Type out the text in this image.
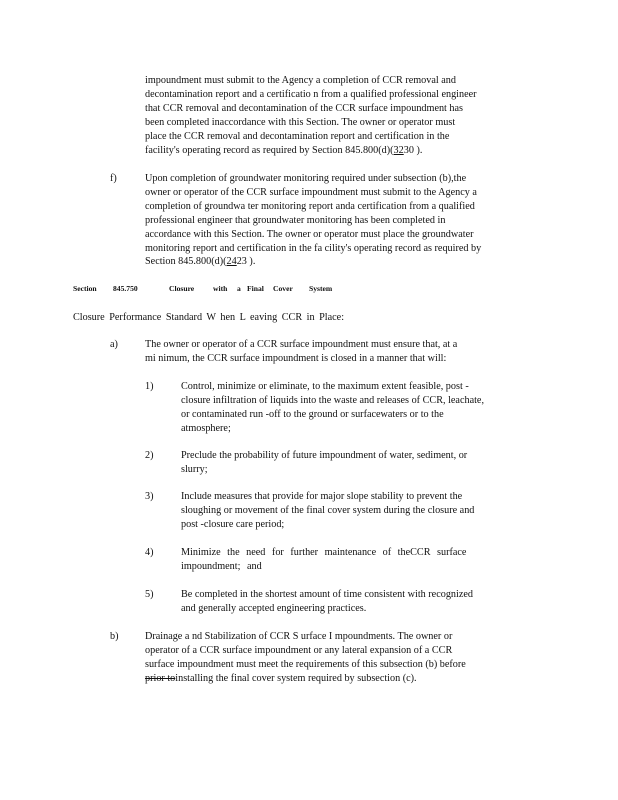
impoundment must submit to the Agency a completion of CCR removal and

decontamination report and a certificatio n from a qualified professional engineer

that CCR removal and decontamination of the CCR surface impoundment has

been completed inaccordance with this Section. The owner or operator must

place the CCR removal and decontamination report and certification in the

facility's operating record as required by Section 845.800(d)(3230 ).

f)	Upon completion of groundwater monitoring required under subsection (b),the

owner or operator of the CCR surface impoundment must submit to the Agency a

completion of groundwa ter monitoring report anda certification from a qualified

professional engineer that groundwater monitoring has been completed in

accordance with this Section. The owner or operator must place the groundwater

monitoring report and certification in the fa cility's operating record as required by

Section 845.800(d)(2423 ).

Section 845.750	Closure with a Final Cover System
Closure Performance Standard W hen L eaving CCR in Place:
a)	The owner or operator of a CCR surface impoundment must ensure that, at a

mi nimum, the CCR surface impoundment is closed in a manner that will:

1)	Control, minimize or eliminate, to the maximum extent feasible, post -

closure infiltration of liquids into the waste and releases of CCR, leachate,

or contaminated run -off to the ground or surfacewaters or to the

atmosphere;

2)	Preclude the probability of future impoundment of water, sediment, or

slurry;

3)	Include measures that provide for major slope stability to prevent the

sloughing or movement of the final cover system during the closure and

post -closure care period;

4)	Minimize the need for further maintenance of theCCR surface

impoundment; and

5)	Be completed in the shortest amount of time consistent with recognized

and generally accepted engineering practices.

b)	Drainage a nd Stabilization of CCR S urface I mpoundments. The owner or

operator of a CCR surface impoundment or any lateral expansion of a CCR

surface impoundment must meet the requirements of this subsection (b) before

prior toinstalling the final cover system required by subsection (c).
